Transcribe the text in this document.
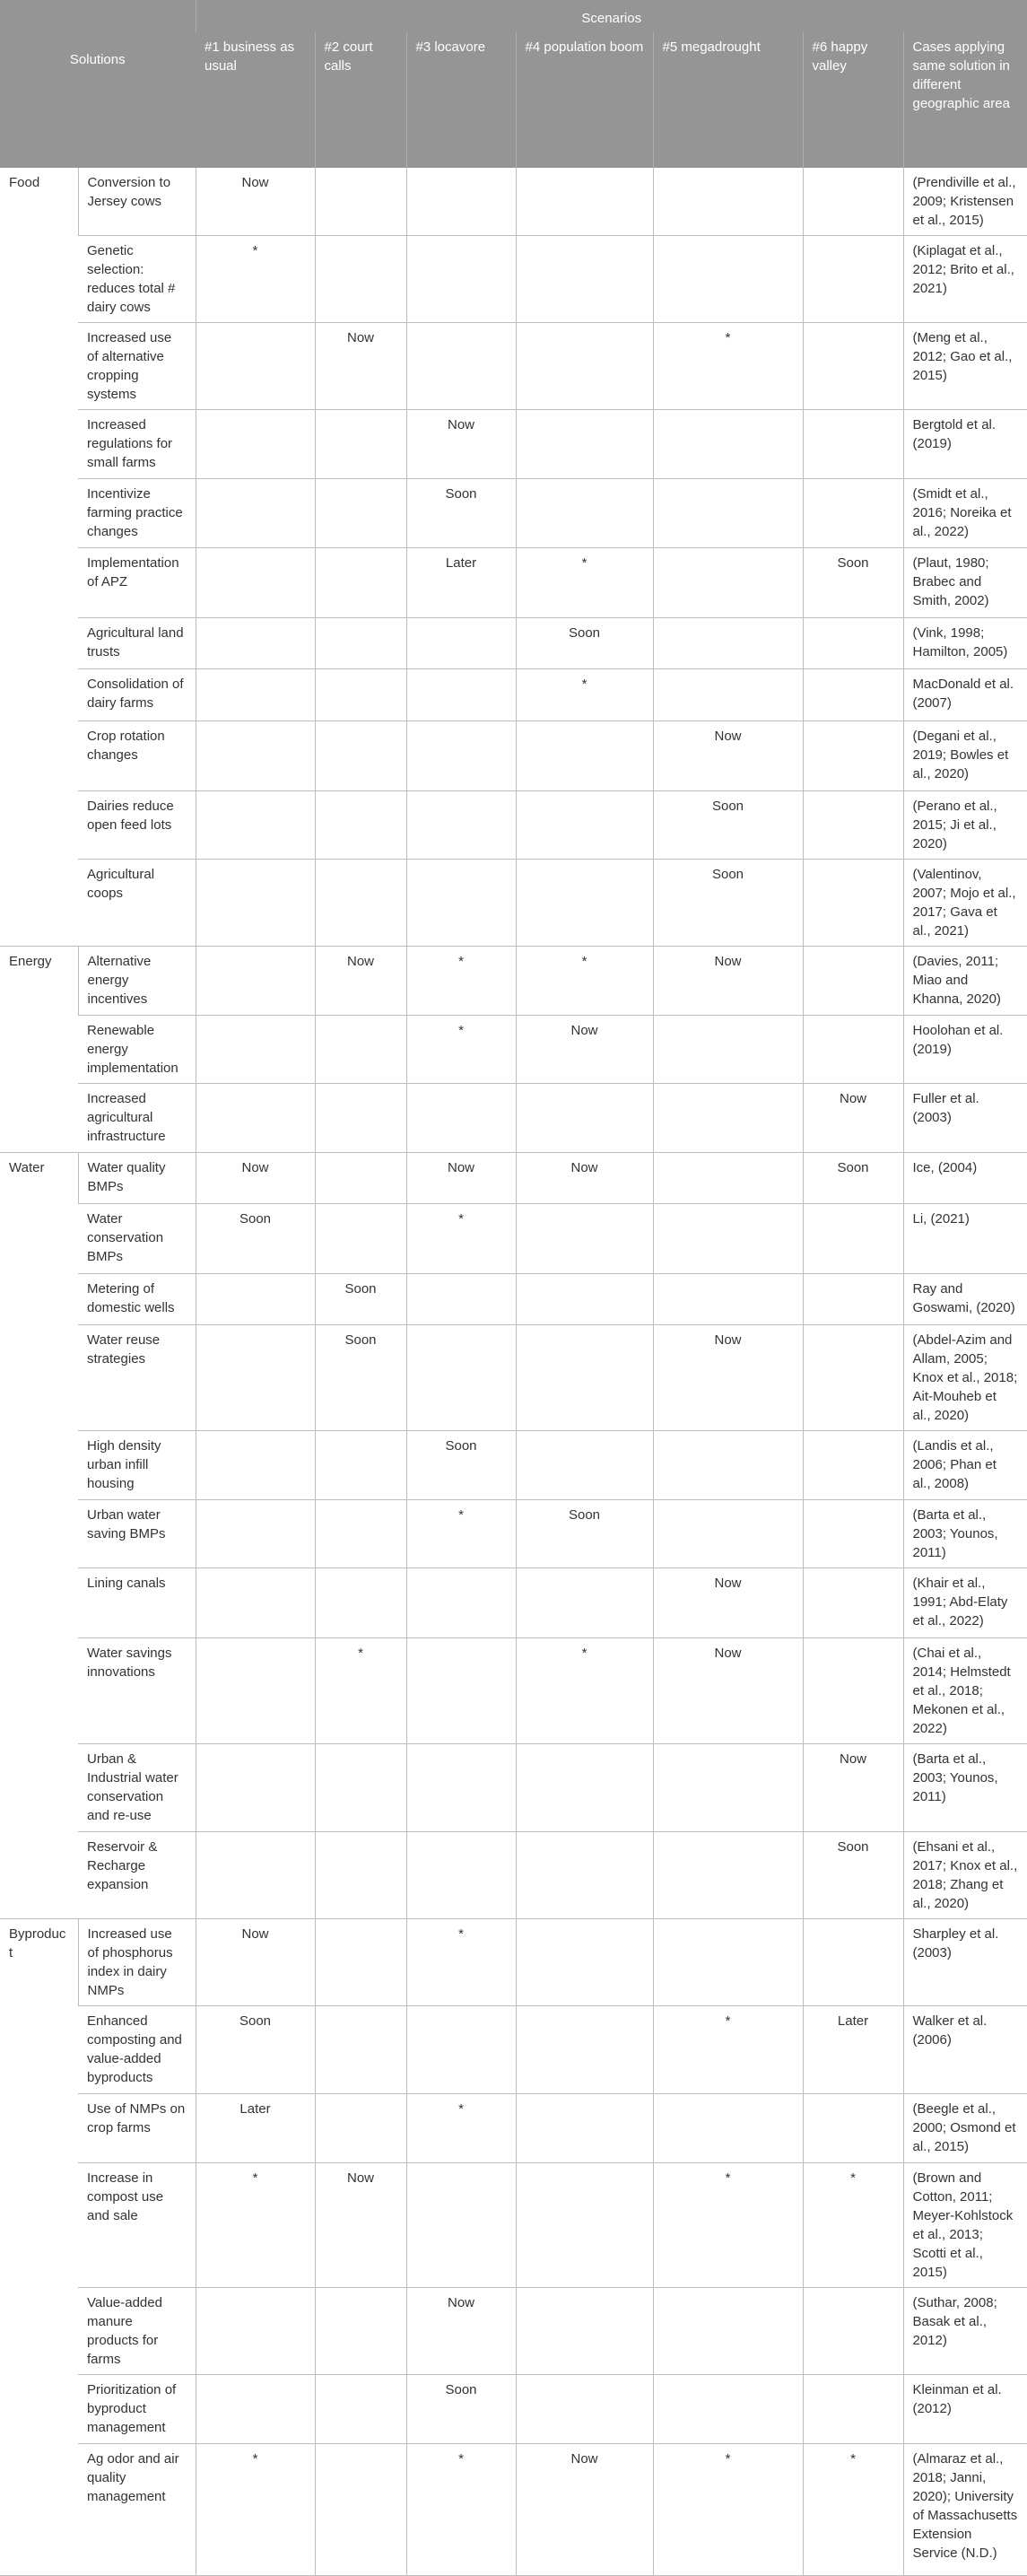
Solutions		Scenarios						
		#1 business as usual	#2 court calls	#3 locavore	#4 population boom	#5 megadrought	#6 happy valley	Cases applying same solution in different geographic area
Food	Conversion to Jersey cows	Now						(Prendiville et al., 2009; Kristensen et al., 2015)
	Genetic selection: reduces total # dairy cows	*						(Kiplagat et al., 2012; Brito et al., 2021)
	Increased use of alternative cropping systems		Now			*		(Meng et al., 2012; Gao et al., 2015)
	Increased regulations for small farms			Now				Bergtold et al. (2019)
	Incentivize farming practice changes			Soon				(Smidt et al., 2016; Noreika et al., 2022)
	Implementation of APZ			Later	*		Soon	(Plaut, 1980; Brabec and Smith, 2002)
	Agricultural land trusts				Soon			(Vink, 1998; Hamilton, 2005)
	Consolidation of dairy farms				*			MacDonald et al. (2007)
	Crop rotation changes					Now		(Degani et al., 2019; Bowles et al., 2020)
	Dairies reduce open feed lots					Soon		(Perano et al., 2015; Ji et al., 2020)
	Agricultural coops					Soon		(Valentinov, 2007; Mojo et al., 2017; Gava et al., 2021)
Energy	Alternative energy incentives		Now	*	*	Now		(Davies, 2011; Miao and Khanna, 2020)
	Renewable energy implementation			*	Now			Hoolohan et al. (2019)
	Increased agricultural infrastructure						Now	Fuller et al. (2003)
Water	Water quality BMPs	Now		Now	Now		Soon	Ice, (2004)
	Water conservation BMPs	Soon		*				Li, (2021)
	Metering of domestic wells		Soon					Ray and Goswami, (2020)
	Water reuse strategies		Soon			Now		(Abdel-Azim and Allam, 2005; Knox et al., 2018; Ait-Mouheb et al., 2020)
	High density urban infill housing			Soon				(Landis et al., 2006; Phan et al., 2008)
	Urban water saving BMPs			*	Soon			(Barta et al., 2003; Younos, 2011)
	Lining canals					Now		(Khair et al., 1991; Abd-Elaty et al., 2022)
	Water savings innovations		*		*	Now		(Chai et al., 2014; Helmstedt et al., 2018; Mekonen et al., 2022)
	Urban & Industrial water conservation and re-use						Now	(Barta et al., 2003; Younos, 2011)
	Reservoir & Recharge expansion						Soon	(Ehsani et al., 2017; Knox et al., 2018; Zhang et al., 2020)
Byproduct	Increased use of phosphorus index in dairy NMPs	Now		*				Sharpley et al. (2003)
	Enhanced composting and value-added byproducts	Soon				*	Later	Walker et al. (2006)
	Use of NMPs on crop farms	Later		*				(Beegle et al., 2000; Osmond et al., 2015)
	Increase in compost use and sale	*	Now			*	*	(Brown and Cotton, 2011; Meyer-Kohlstock et al., 2013; Scotti et al., 2015)
	Value-added manure products for farms			Now				(Suthar, 2008; Basak et al., 2012)
	Prioritization of byproduct management			Soon				Kleinman et al. (2012)
	Ag odor and air quality management	*		*	Now	*	*	(Almaraz et al., 2018; Janni, 2020); University of Massachusetts Extension Service (N.D.)
